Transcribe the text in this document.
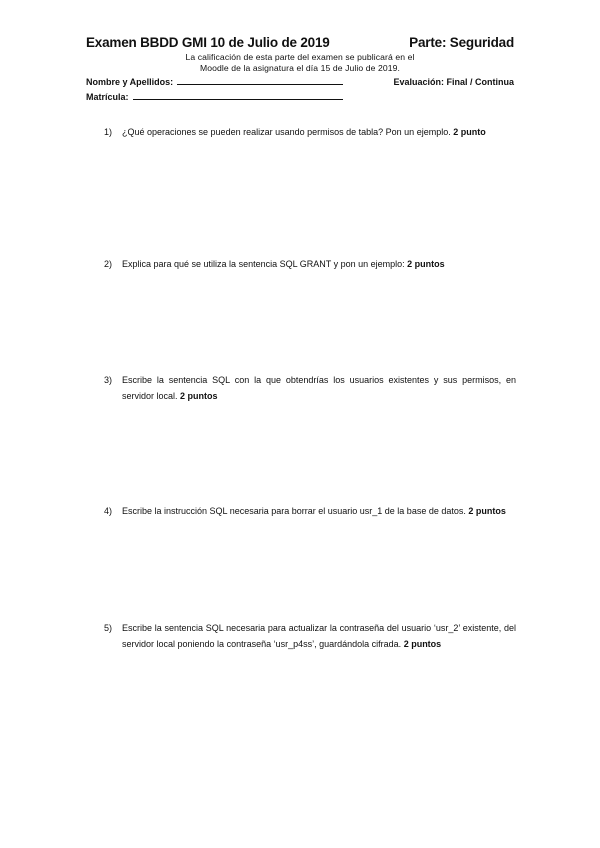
Examen BBDD GMI 10 de Julio de 2019	Parte: Seguridad
La calificación de esta parte del examen se publicará en el
Moodle de la asignatura el día 15 de Julio de 2019.
Nombre y Apellidos:	Evaluación: Final / Continua
Matrícula:
1) ¿Qué operaciones se pueden realizar usando permisos de tabla? Pon un ejemplo. 2 punto
2) Explica para qué se utiliza la sentencia SQL GRANT y pon un ejemplo: 2 puntos
3) Escribe la sentencia SQL con la que obtendrías los usuarios existentes y sus permisos, en servidor local. 2 puntos
4) Escribe la instrucción SQL necesaria para borrar el usuario usr_1 de la base de datos. 2 puntos
5) Escribe la sentencia SQL necesaria para actualizar la contraseña del usuario ‘usr_2’ existente, del servidor local poniendo la contraseña ‘usr_p4ss’, guardándola cifrada. 2 puntos
